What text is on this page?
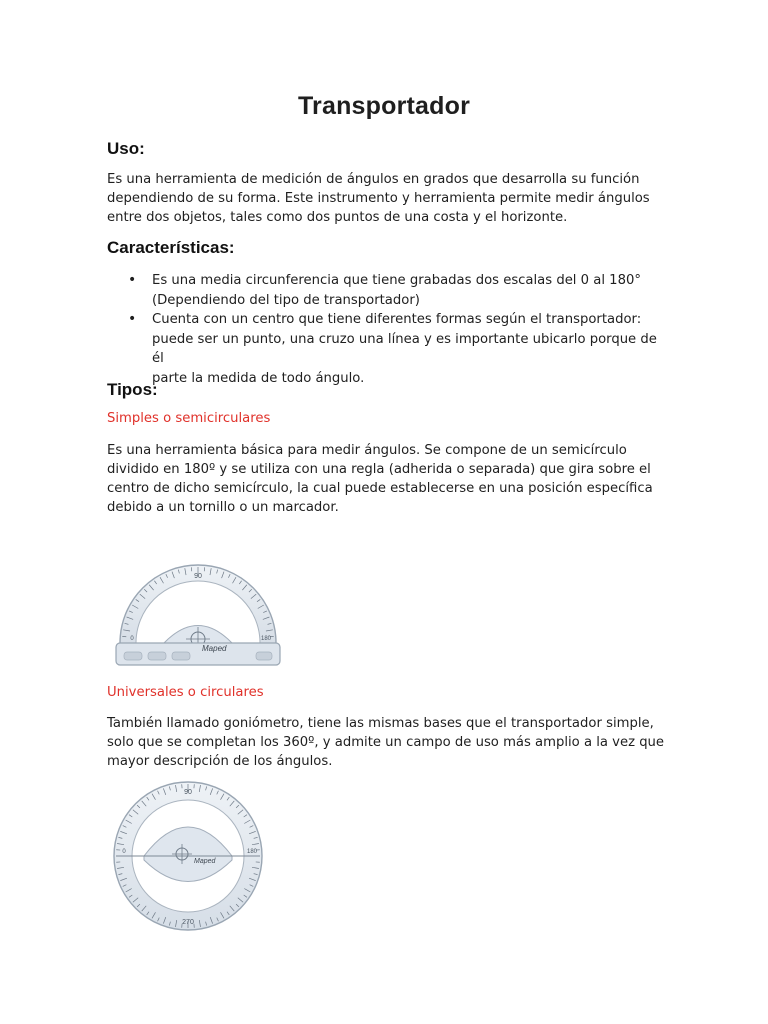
Transportador
Uso:
Es una herramienta de medición de ángulos en grados que desarrolla su función
dependiendo de su forma. Este instrumento y herramienta permite medir ángulos
entre dos objetos, tales como dos puntos de una costa y el horizonte.
Características:
• Es una media circunferencia que tiene grabadas dos escalas del 0 al 180°
(Dependiendo del tipo de transportador)
• Cuenta con un centro que tiene diferentes formas según el transportador:
puede ser un punto, una cruzo una línea y es importante ubicarlo porque de él
parte la medida de todo ángulo.
Tipos:
Simples o semicirculares
Es una herramienta básica para medir ángulos. Se compone de un semicírculo
dividido en 180º y se utiliza con una regla (adherida o separada) que gira sobre el
centro de dicho semicírculo, la cual puede establecerse en una posición específica
debido a un tornillo o un marcador.
Maped
90
0	180
Universales o circulares
También llamado goniómetro, tiene las mismas bases que el transportador simple,
solo que se completan los 360º, y admite un campo de uso más amplio a la vez que
mayor descripción de los ángulos.
Maped
90
0	180
270
